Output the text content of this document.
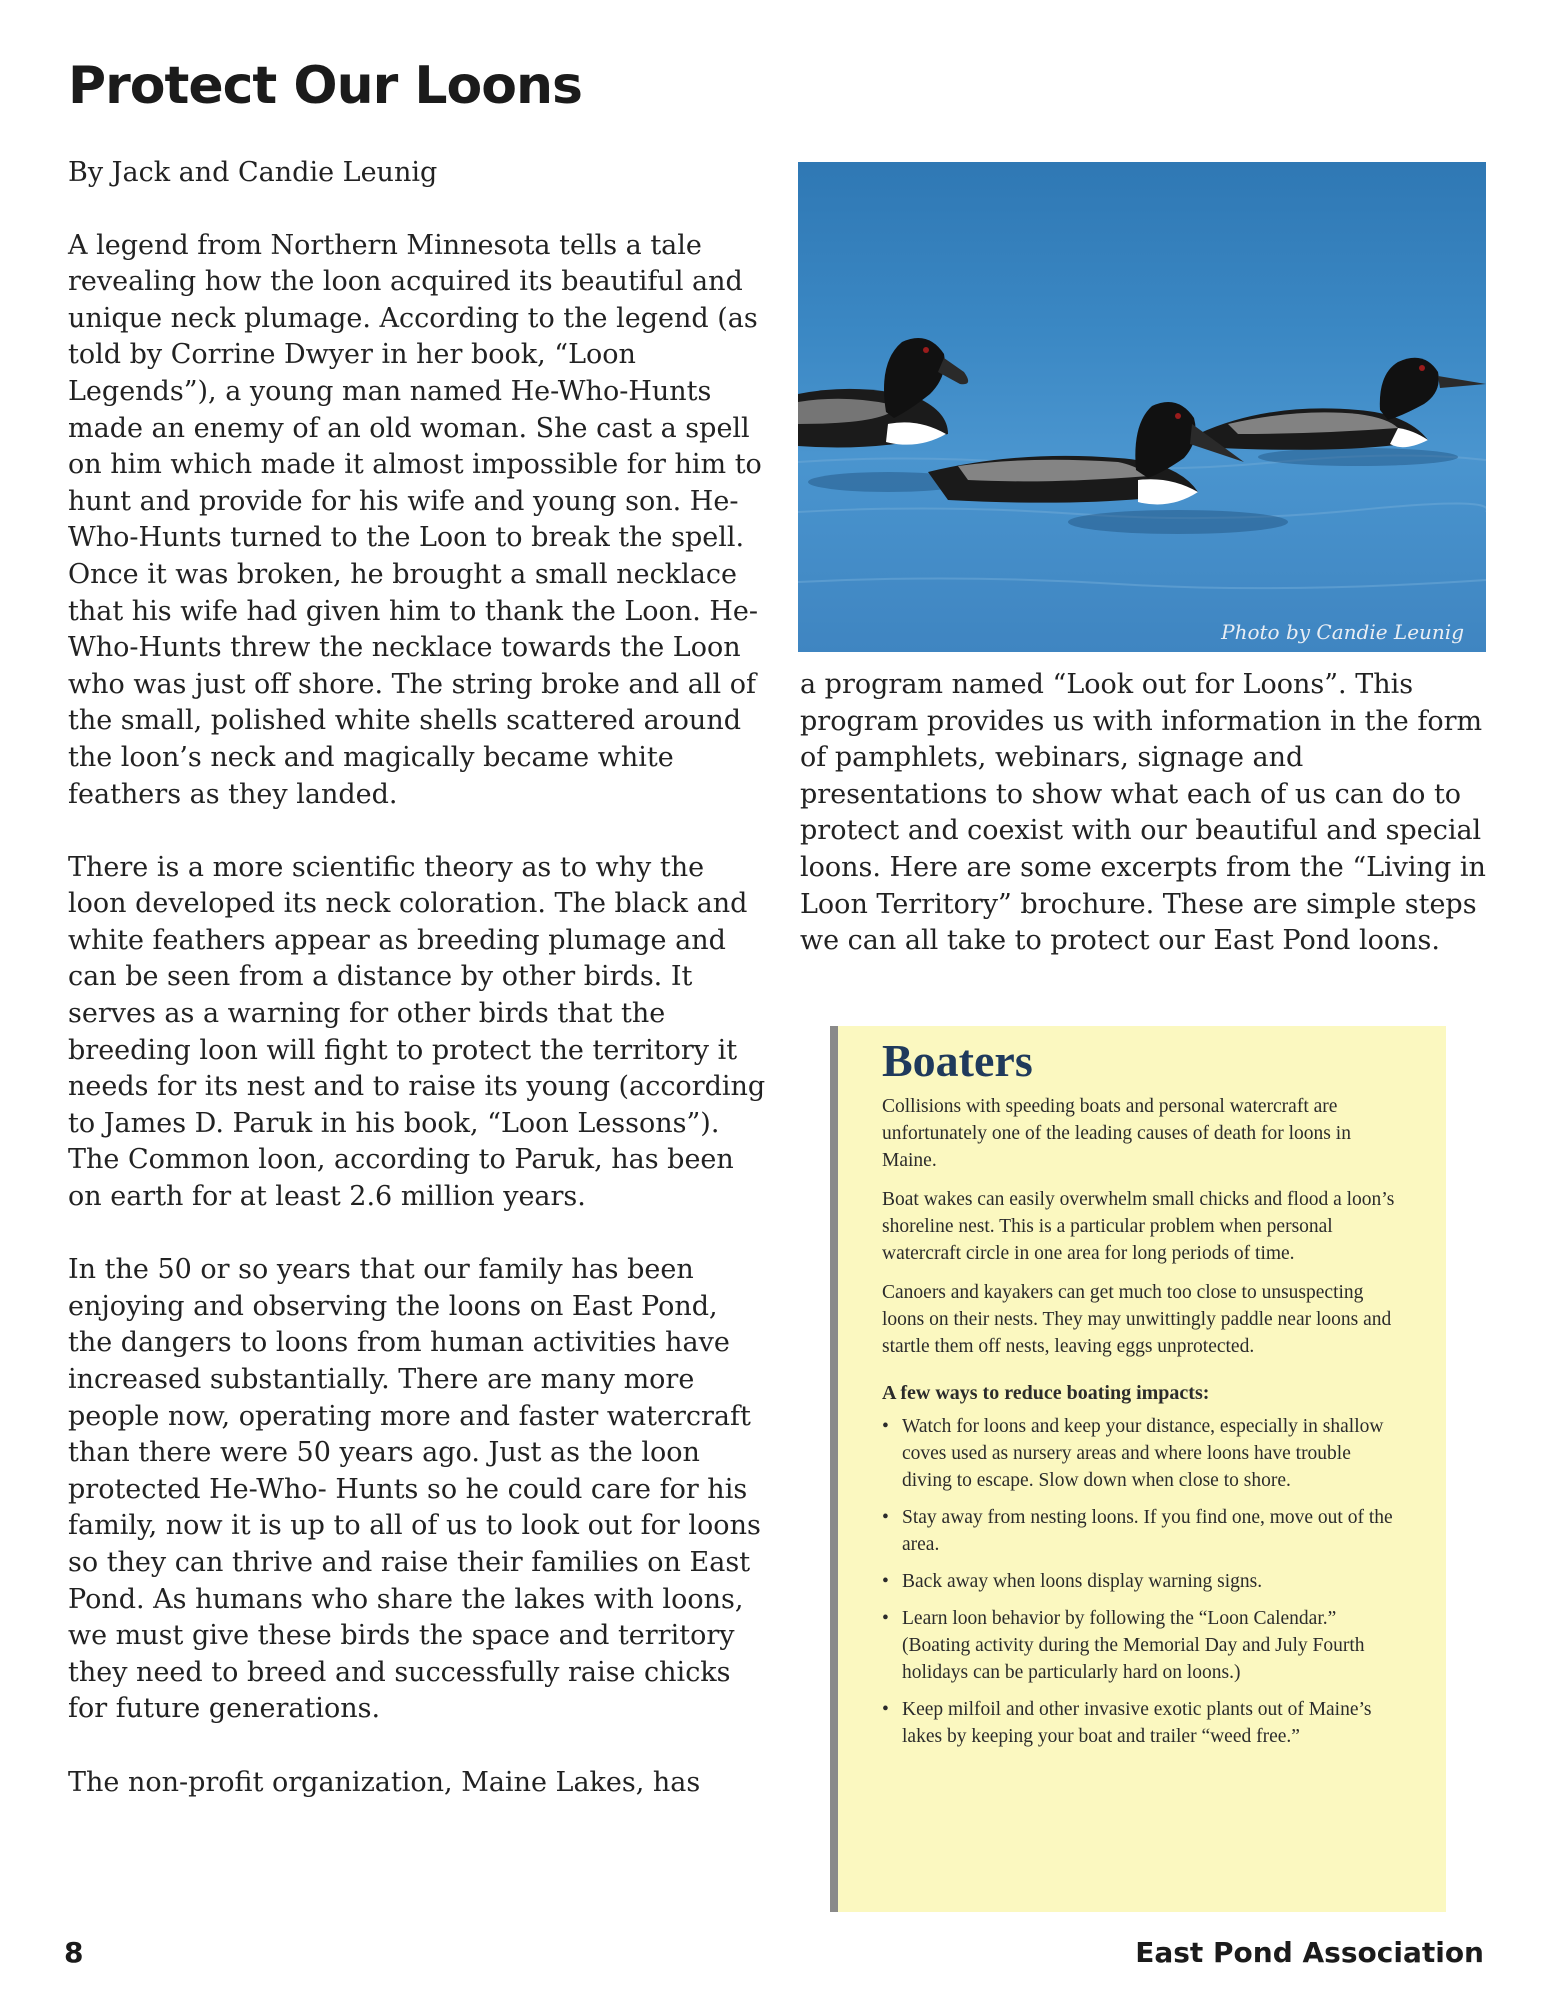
Protect Our Loons

By Jack and Candie Leunig

A legend from Northern Minnesota tells a tale revealing how the loon acquired its beautiful and unique neck plumage. According to the legend (as told by Corrine Dwyer in her book, “Loon Legends”), a young man named He-Who-Hunts made an enemy of an old woman. She cast a spell on him which made it almost impossible for him to hunt and provide for his wife and young son. He-Who-Hunts turned to the Loon to break the spell. Once it was broken, he brought a small necklace that his wife had given him to thank the Loon. He-Who-Hunts threw the necklace towards the Loon who was just off shore. The string broke and all of the small, polished white shells scattered around the loon’s neck and magically became white feathers as they landed.

There is a more scientific theory as to why the loon developed its neck coloration. The black and white feathers appear as breeding plumage and can be seen from a distance by other birds. It serves as a warning for other birds that the breeding loon will fight to protect the territory it needs for its nest and to raise its young (according to James D. Paruk in his book, “Loon Lessons”). The Common loon, according to Paruk, has been on earth for at least 2.6 million years.

In the 50 or so years that our family has been enjoying and observing the loons on East Pond, the dangers to loons from human activities have increased substantially. There are many more people now, operating more and faster watercraft than there were 50 years ago. Just as the loon protected He-Who- Hunts so he could care for his family, now it is up to all of us to look out for loons so they can thrive and raise their families on East Pond. As humans who share the lakes with loons, we must give these birds the space and territory they need to breed and successfully raise chicks for future generations.

The non-profit organization, Maine Lakes, has

Photo by Candie Leunig

a program named “Look out for Loons”. This program provides us with information in the form of pamphlets, webinars, signage and presentations to show what each of us can do to protect and coexist with our beautiful and special loons. Here are some excerpts from the “Living in Loon Territory” brochure. These are simple steps we can all take to protect our East Pond loons.

Boaters

Collisions with speeding boats and personal watercraft are unfortunately one of the leading causes of death for loons in Maine.

Boat wakes can easily overwhelm small chicks and flood a loon’s shoreline nest. This is a particular problem when personal watercraft circle in one area for long periods of time.

Canoers and kayakers can get much too close to unsuspecting loons on their nests. They may unwittingly paddle near loons and startle them off nests, leaving eggs unprotected.

A few ways to reduce boating impacts:

• Watch for loons and keep your distance, especially in shallow coves used as nursery areas and where loons have trouble diving to escape. Slow down when close to shore.
• Stay away from nesting loons. If you find one, move out of the area.
• Back away when loons display warning signs.
• Learn loon behavior by following the “Loon Calendar.” (Boating activity during the Memorial Day and July Fourth holidays can be particularly hard on loons.)
• Keep milfoil and other invasive exotic plants out of Maine’s lakes by keeping your boat and trailer “weed free.”
8	East Pond Association
